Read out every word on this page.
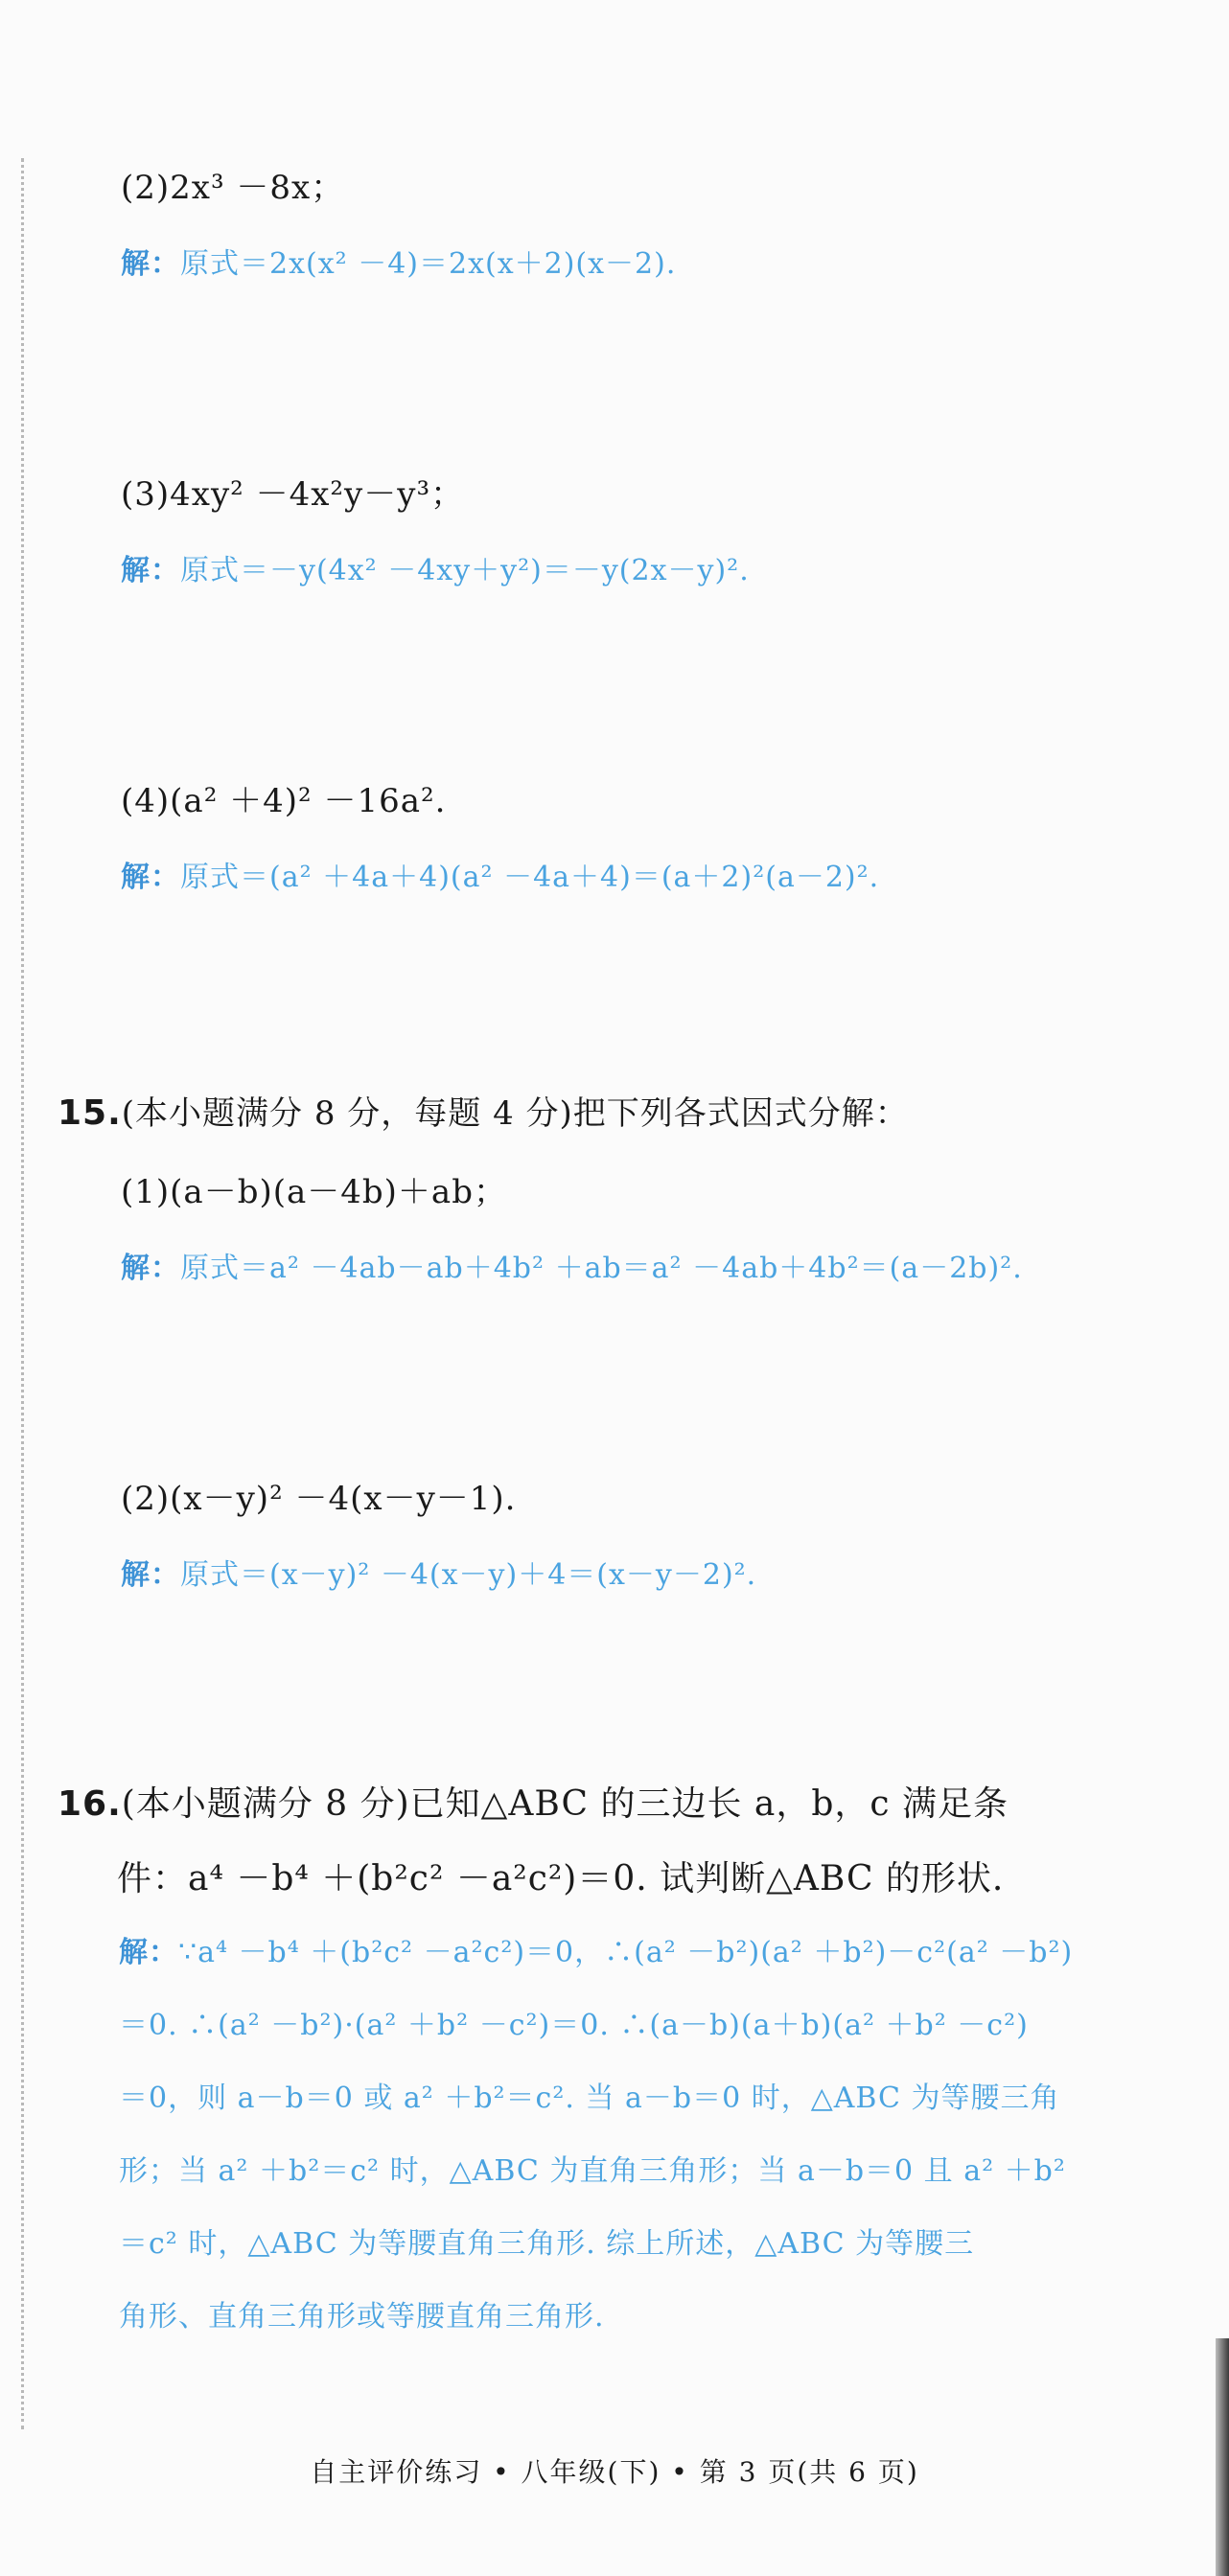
(2)2x³ －8x；
解：原式＝2x(x² －4)＝2x(x＋2)(x－2).
(3)4xy² －4x²y－y³；
解：原式＝－y(4x² －4xy＋y²)＝－y(2x－y)².
(4)(a² ＋4)² －16a².
解：原式＝(a² ＋4a＋4)(a² －4a＋4)＝(a＋2)²(a－2)².
15.(本小题满分 8 分，每题 4 分)把下列各式因式分解：
(1)(a－b)(a－4b)＋ab；
解：原式＝a² －4ab－ab＋4b² ＋ab＝a² －4ab＋4b²＝(a－2b)².
(2)(x－y)² －4(x－y－1).
解：原式＝(x－y)² －4(x－y)＋4＝(x－y－2)².
16.(本小题满分 8 分)已知△ABC 的三边长 a，b，c 满足条
件：a⁴ －b⁴ ＋(b²c² －a²c²)＝0. 试判断△ABC 的形状.
解：∵a⁴ －b⁴ ＋(b²c² －a²c²)＝0，∴(a² －b²)(a² ＋b²)－c²(a² －b²)
＝0. ∴(a² －b²)·(a² ＋b² －c²)＝0. ∴(a－b)(a＋b)(a² ＋b² －c²)
＝0，则 a－b＝0 或 a² ＋b²＝c². 当 a－b＝0 时，△ABC 为等腰三角
形；当 a² ＋b²＝c² 时，△ABC 为直角三角形；当 a－b＝0 且 a² ＋b²
＝c² 时，△ABC 为等腰直角三角形. 综上所述，△ABC 为等腰三
角形、直角三角形或等腰直角三角形.
自主评价练习 • 八年级(下) • 第 3 页(共 6 页)
